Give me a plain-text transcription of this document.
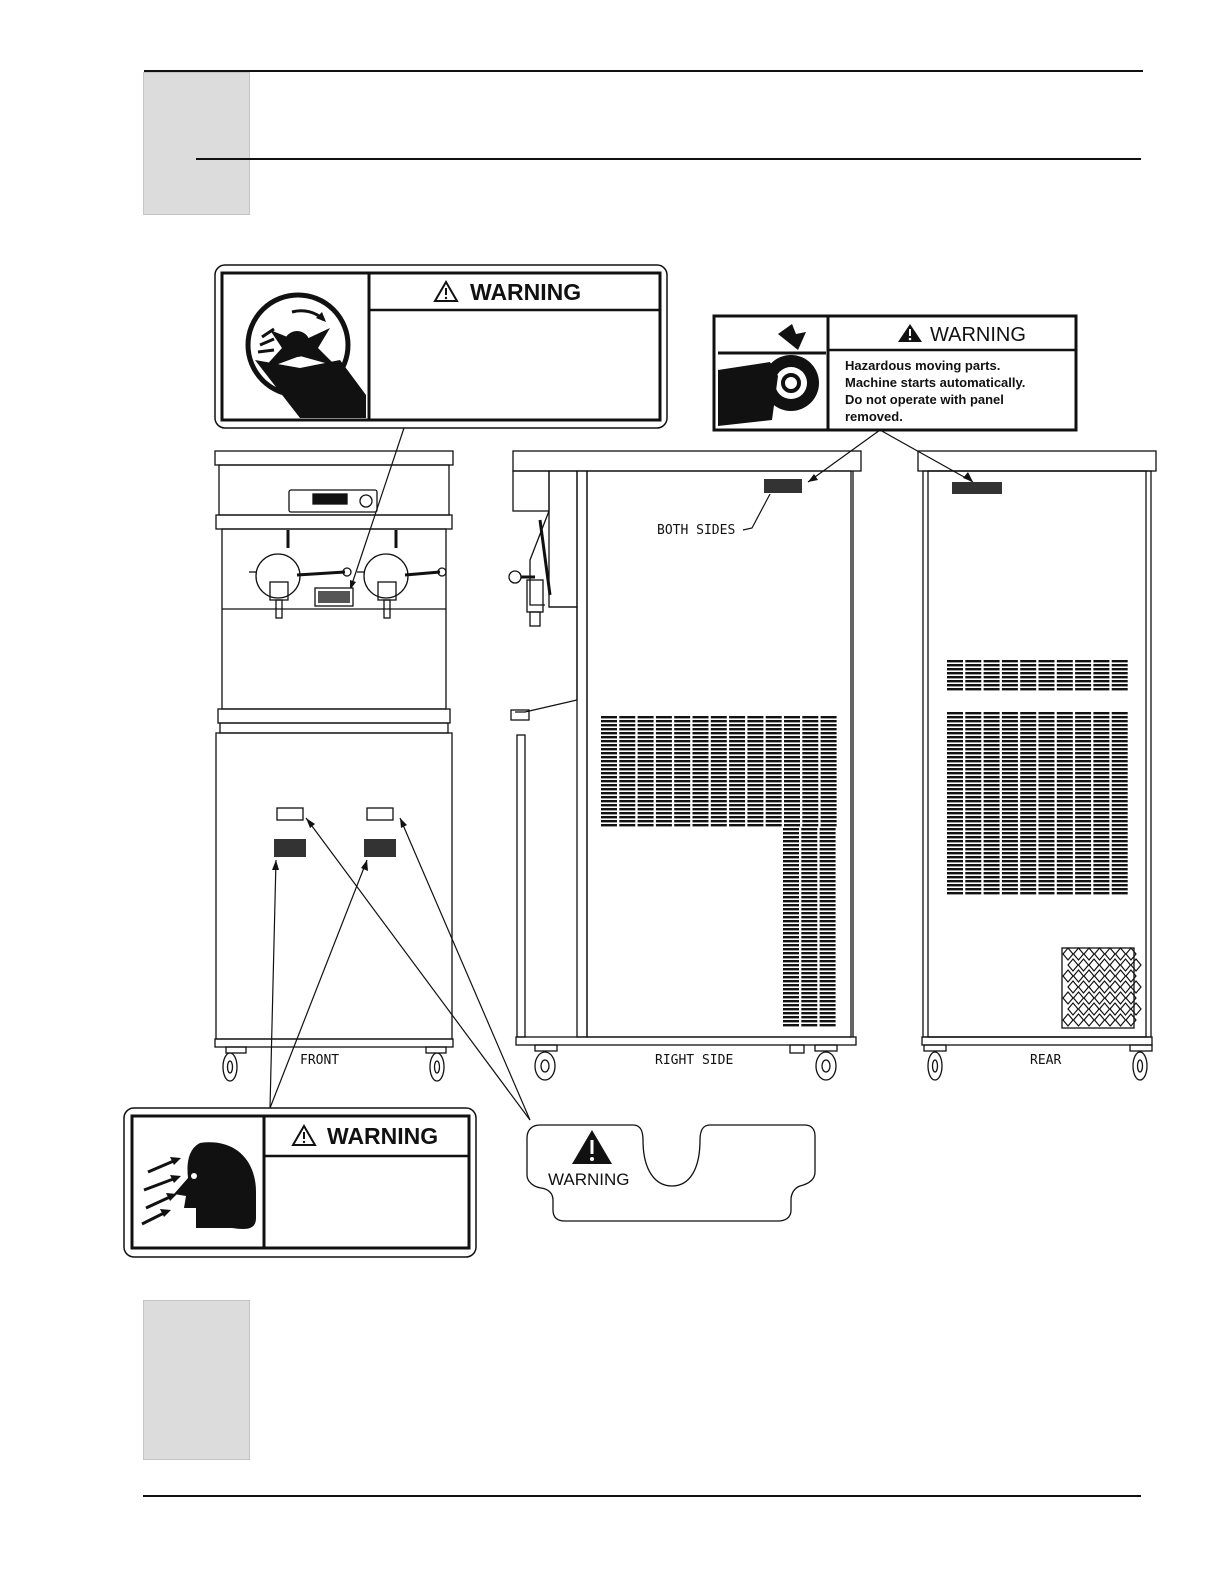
WARNING
WARNING
Hazardous moving parts.
Machine starts automatically.
Do not operate with panel
removed.
FRONT
BOTH SIDES
RIGHT SIDE	REAR
WARNING
WARNING
